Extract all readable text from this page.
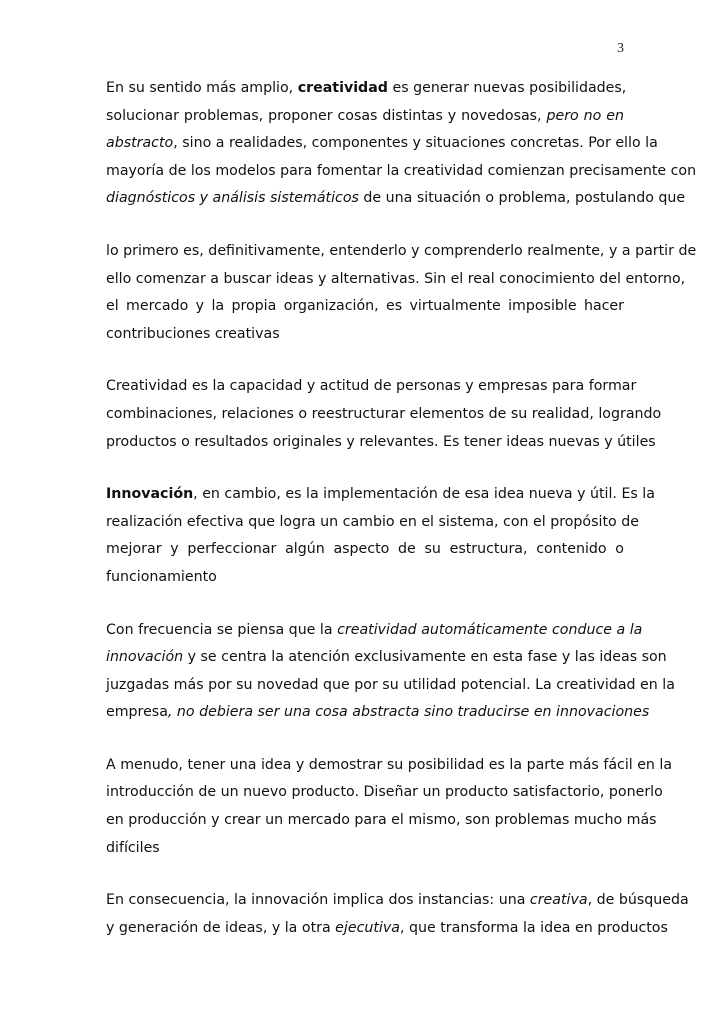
3
En su sentido más amplio, creatividad es generar nuevas posibilidades,
solucionar problemas, proponer cosas distintas y novedosas, pero no en
abstracto, sino a realidades, componentes y situaciones concretas. Por ello la
mayoría de los modelos para fomentar la creatividad comienzan precisamente con
diagnósticos y análisis sistemáticos de una situación o problema, postulando que
lo primero es, definitivamente, entenderlo y comprenderlo realmente, y a partir de
ello comenzar a buscar ideas y alternativas. Sin el real conocimiento del entorno,
el mercado y la propia organización, es virtualmente imposible hacer
contribuciones creativas
Creatividad es la capacidad y actitud de personas y empresas para formar
combinaciones, relaciones o reestructurar elementos de su realidad, logrando
productos o resultados originales y relevantes. Es tener ideas nuevas y útiles
Innovación, en cambio, es la implementación de esa idea nueva y útil. Es la
realización efectiva que logra un cambio en el sistema, con el propósito de
mejorar y perfeccionar algún aspecto de su estructura, contenido o
funcionamiento
Con frecuencia se piensa que la creatividad automáticamente conduce a la
innovación y se centra la atención exclusivamente en esta fase y las ideas son
juzgadas más por su novedad que por su utilidad potencial. La creatividad en la
empresa, no debiera ser una cosa abstracta sino traducirse en innovaciones
A menudo, tener una idea y demostrar su posibilidad es la parte más fácil en la
introducción de un nuevo producto. Diseñar un producto satisfactorio, ponerlo
en producción y crear un mercado para el mismo, son problemas mucho más
difíciles
En consecuencia, la innovación implica dos instancias: una creativa, de búsqueda
y generación de ideas, y la otra ejecutiva, que transforma la idea en productos
